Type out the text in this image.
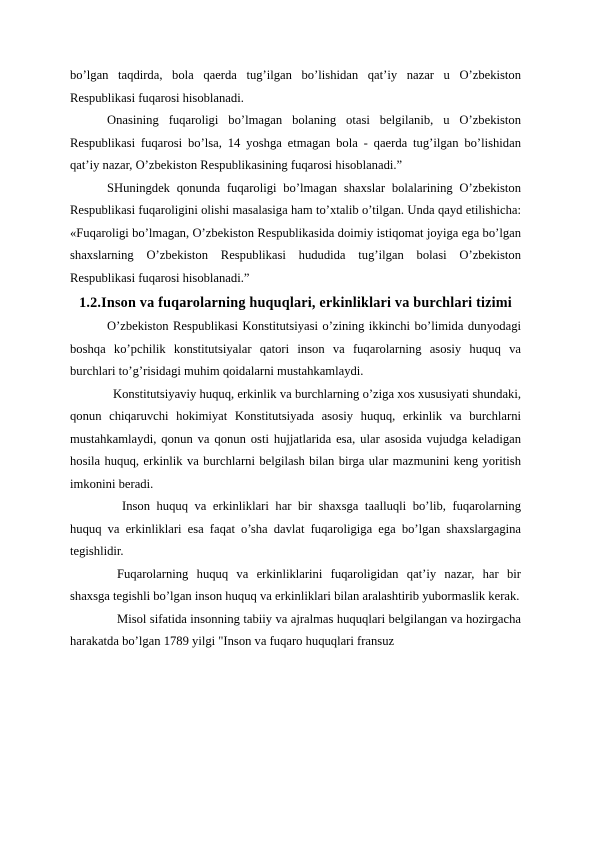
bo’lgan taqdirda, bola qaerda tug’ilgan bo’lishidan qat’iy nazar u O’zbekiston Respublikasi fuqarosi hisoblanadi.

Onasining fuqaroligi bo’lmagan bolaning otasi belgilanib, u O’zbekiston Respublikasi fuqarosi bo’lsa, 14 yoshga etmagan bola - qaerda tug’ilgan bo’lishidan qat’iy nazar, O’zbekiston Respublikasining fuqarosi hisoblanadi.”

SHuningdek qonunda fuqaroligi bo’lmagan shaxslar bolalarining O’zbekiston Respublikasi fuqaroligini olishi masalasiga ham to’xtalib o’tilgan. Unda qayd etilishicha: «Fuqaroligi bo’lmagan, O’zbekiston Respublikasida doimiy istiqomat joyiga ega bo’lgan shaxslarning O’zbekiston Respublikasi hududida tug’ilgan bolasi O’zbekiston Respublikasi fuqarosi hisoblanadi.”

1.2.Inson va fuqarolarning huquqlari, erkinliklari va burchlari tizimi

O’zbekiston Respublikasi Konstitutsiyasi o’zining ikkinchi bo’limida dunyodagi boshqa ko’pchilik konstitutsiyalar qatori inson va fuqarolarning asosiy huquq va burchlari to’g’risidagi muhim qoidalarni mustahkamlaydi.

Konstitutsiyaviy huquq, erkinlik va burchlarning o’ziga xos xususiyati shundaki, qonun chiqaruvchi hokimiyat Konstitutsiyada asosiy huquq, erkinlik va burchlarni mustahkamlaydi, qonun va qonun osti hujjatlarida esa, ular asosida vujudga keladigan hosila huquq, erkinlik va burchlarni belgilash bilan birga ular mazmunini keng yoritish imkonini beradi.

Inson huquq va erkinliklari har bir shaxsga taalluqli bo’lib, fuqarolarning huquq va erkinliklari esa faqat o’sha davlat fuqaroligiga ega bo’lgan shaxslargagina tegishlidir.

Fuqarolarning huquq va erkinliklarini fuqaroligidan qat’iy nazar, har bir shaxsga tegishli bo’lgan inson huquq va erkinliklari bilan aralashtirib yubormaslik kerak.

Misol sifatida insonning tabiiy va ajralmas huquqlari belgilangan va hozirgacha harakatda bo’lgan 1789 yilgi "Inson va fuqaro huquqlari fransuz
